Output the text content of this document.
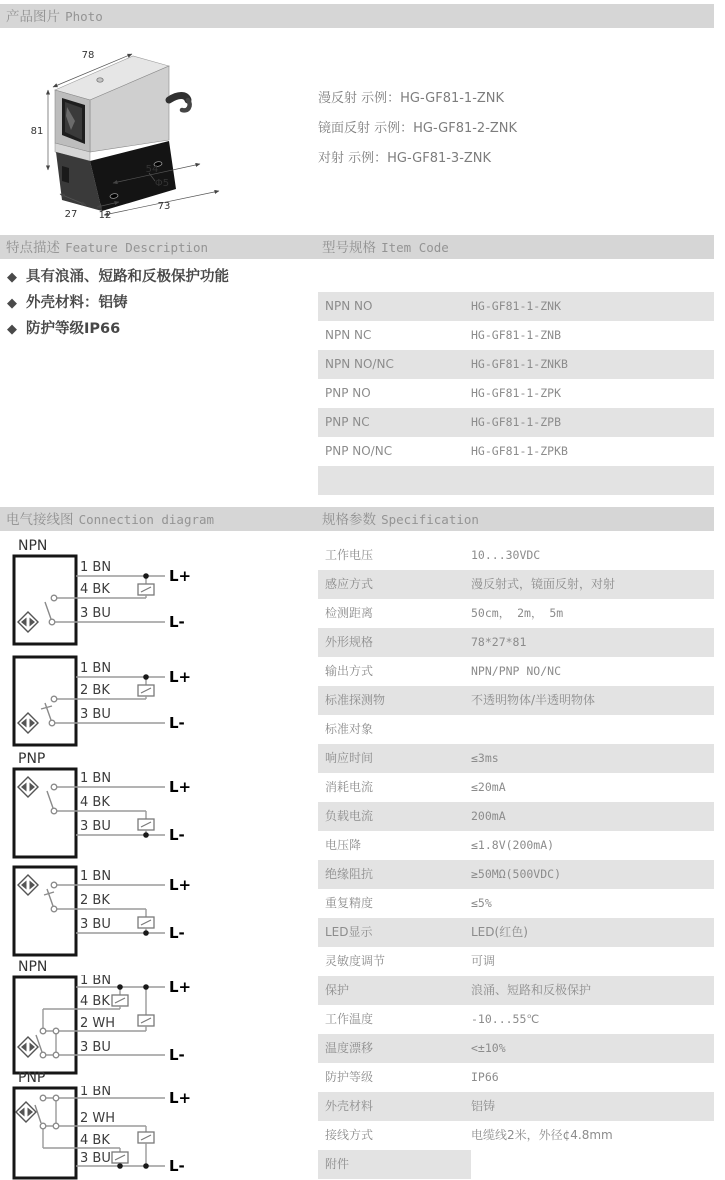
产品图片 Photo
78
81
27
54
Φ5
12
73
漫反射 示例：HG-GF81-1-ZNK
镜面反射 示例：HG-GF81-2-ZNK
对射 示例：HG-GF81-3-ZNK
特点描述 Feature Description	型号规格 Item Code
◆ 具有浪涌、短路和反极保护功能
◆ 外壳材料：铝铸
◆ 防护等级IP66
NPN NO	HG-GF81-1-ZNK
NPN NC	HG-GF81-1-ZNB
NPN NO/NC	HG-GF81-1-ZNKB
PNP NO	HG-GF81-1-ZPK
PNP NC	HG-GF81-1-ZPB
PNP NO/NC	HG-GF81-1-ZPKB
电气接线图 Connection diagram	规格参数 Specification
工作电压	10...30VDC
感应方式	漫反射式，镜面反射，对射
检测距离	50cm， 2m， 5m
外形规格	78*27*81
输出方式	NPN/PNP NO/NC
标准探测物	不透明物体/半透明物体
标准对象
响应时间	≤3ms
消耗电流	≤20mA
负载电流	200mA
电压降	≤1.8V(200mA)
绝缘阻抗	≥50MΩ(500VDC)
重复精度	≤5%
LED显示	LED(红色)
灵敏度调节	可调
保护	浪涌、短路和反极保护
工作温度	-10...55℃
温度漂移	<±10%
防护等级	IP66
外壳材料	铝铸
接线方式	电缆线2米，外径¢4.8mm
附件
NPN
1 BN
4 BK
3 BU
L+
L-
1 BN
2 BK
3 BU
L+
L-
PNP
1 BN
4 BK
3 BU
L+
L-
1 BN
2 BK
3 BU
L+
L-
NPN
1 BN
4 BK
2 WH
3 BU
L+
L-
PNP
1 BN
2 WH
4 BK
3 BU
L+
L-
